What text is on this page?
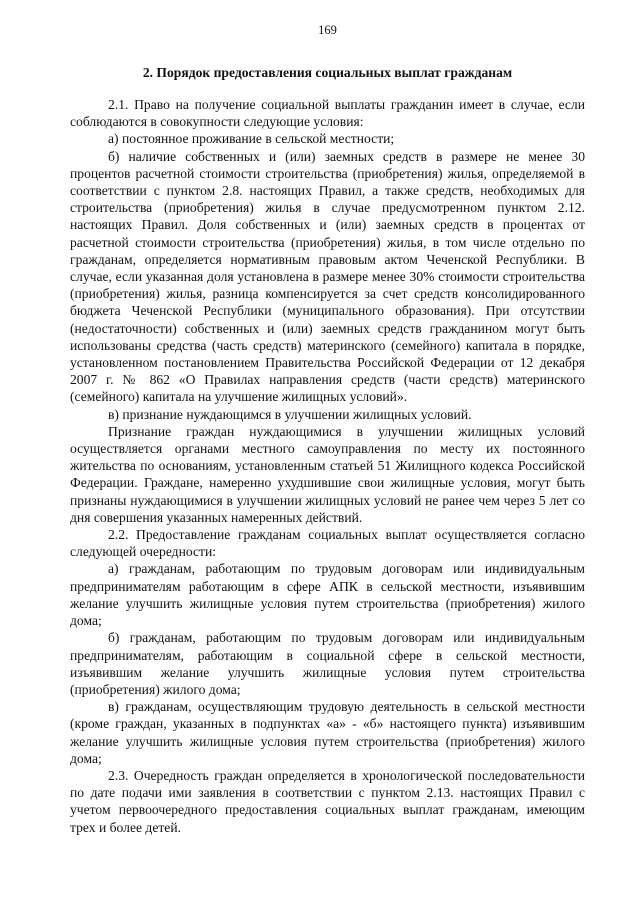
169
2. Порядок предоставления социальных выплат гражданам

2.1. Право на получение социальной выплаты гражданин имеет в случае, если соблюдаются в совокупности следующие условия:

а) постоянное проживание в сельской местности;

б) наличие собственных и (или) заемных средств в размере не менее 30 процентов расчетной стоимости строительства (приобретения) жилья, определяемой в соответствии с пунктом 2.8. настоящих Правил, а также средств, необходимых для строительства (приобретения) жилья в случае предусмотренном пунктом 2.12. настоящих Правил. Доля собственных и (или) заемных средств в процентах от расчетной стоимости строительства (приобретения) жилья, в том числе отдельно по гражданам, определяется нормативным правовым актом Чеченской Республики. В случае, если указанная доля установлена в размере менее 30% стоимости строительства (приобретения) жилья, разница компенсируется за счет средств консолидированного бюджета Чеченской Республики (муниципального образования). При отсутствии (недостаточности) собственных и (или) заемных средств гражданином могут быть использованы средства (часть средств) материнского (семейного) капитала в порядке, установленном постановлением Правительства Российской Федерации от 12 декабря 2007 г. № 862 «О Правилах направления средств (части средств) материнского (семейного) капитала на улучшение жилищных условий».

в) признание нуждающимся в улучшении жилищных условий.

Признание граждан нуждающимися в улучшении жилищных условий осуществляется органами местного самоуправления по месту их постоянного жительства по основаниям, установленным статьей 51 Жилищного кодекса Российской Федерации. Граждане, намеренно ухудшившие свои жилищные условия, могут быть признаны нуждающимися в улучшении жилищных условий не ранее чем через 5 лет со дня совершения указанных намеренных действий.

2.2. Предоставление гражданам социальных выплат осуществляется согласно следующей очередности:

а) гражданам, работающим по трудовым договорам или индивидуальным предпринимателям работающим в сфере АПК в сельской местности, изъявившим желание улучшить жилищные условия путем строительства (приобретения) жилого дома;

б) гражданам, работающим по трудовым договорам или индивидуальным предпринимателям, работающим в социальной сфере в сельской местности, изъявившим желание улучшить жилищные условия путем строительства (приобретения) жилого дома;

в) гражданам, осуществляющим трудовую деятельность в сельской местности (кроме граждан, указанных в подпунктах «а» - «б» настоящего пункта) изъявившим желание улучшить жилищные условия путем строительства (приобретения) жилого дома;

2.3. Очередность граждан определяется в хронологической последовательности по дате подачи ими заявления в соответствии с пунктом 2.13. настоящих Правил с учетом первоочередного предоставления социальных выплат гражданам, имеющим трех и более детей.
